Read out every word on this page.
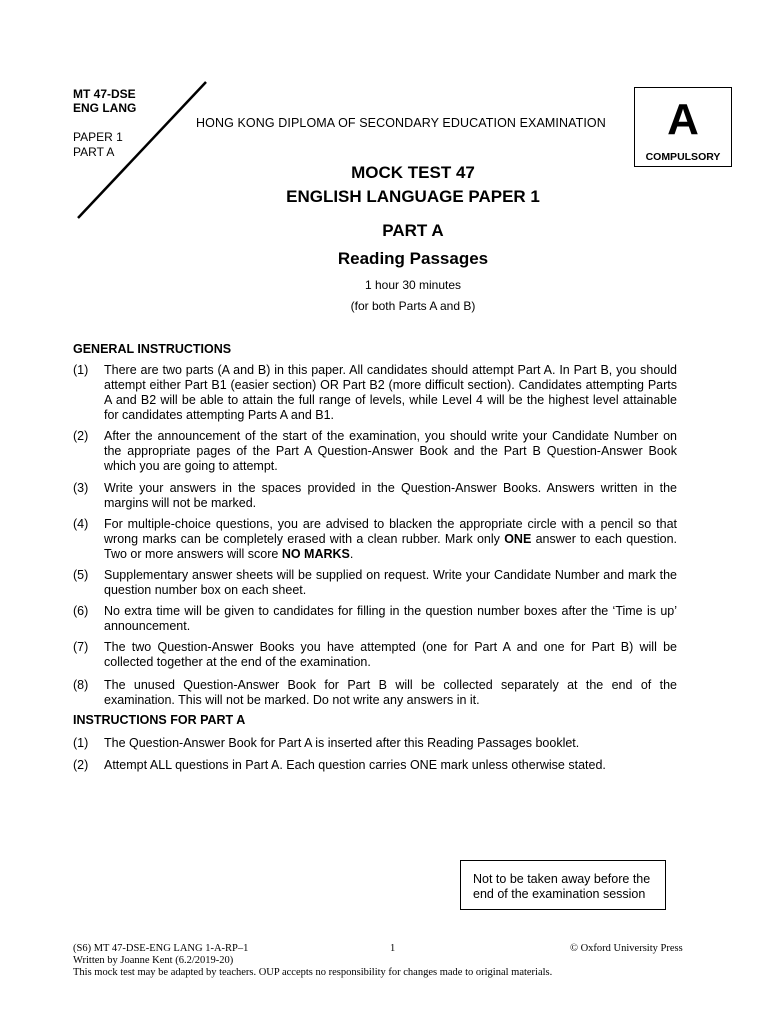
MT 47-DSE
ENG LANG
PAPER 1
PART A
HONG KONG DIPLOMA OF SECONDARY EDUCATION EXAMINATION	A
COMPULSORY
MOCK TEST 47
ENGLISH LANGUAGE PAPER 1
PART A
Reading Passages
1 hour 30 minutes
(for both Parts A and B)
GENERAL INSTRUCTIONS
(1)	There are two parts (A and B) in this paper. All candidates should attempt Part A. In Part B, you should attempt either Part B1 (easier section) OR Part B2 (more difficult section). Candidates attempting Parts A and B2 will be able to attain the full range of levels, while Level 4 will be the highest level attainable for candidates attempting Parts A and B1.
(2)	After the announcement of the start of the examination, you should write your Candidate Number on the appropriate pages of the Part A Question-Answer Book and the Part B Question-Answer Book which you are going to attempt.
(3)	Write your answers in the spaces provided in the Question-Answer Books. Answers written in the margins will not be marked.
(4)	For multiple-choice questions, you are advised to blacken the appropriate circle with a pencil so that wrong marks can be completely erased with a clean rubber. Mark only ONE answer to each question. Two or more answers will score NO MARKS.
(5)	Supplementary answer sheets will be supplied on request. Write your Candidate Number and mark the question number box on each sheet.
(6)	No extra time will be given to candidates for filling in the question number boxes after the ‘Time is up’ announcement.
(7)	The two Question-Answer Books you have attempted (one for Part A and one for Part B) will be collected together at the end of the examination.
(8)	The unused Question-Answer Book for Part B will be collected separately at the end of the examination. This will not be marked. Do not write any answers in it.
INSTRUCTIONS FOR PART A
(1)	The Question-Answer Book for Part A is inserted after this Reading Passages booklet.
(2)	Attempt ALL questions in Part A. Each question carries ONE mark unless otherwise stated.
Not to be taken away before the
end of the examination session
(S6) MT 47-DSE-ENG LANG 1-A-RP–1	1	© Oxford University Press
Written by Joanne Kent (6.2/2019-20)
This mock test may be adapted by teachers. OUP accepts no responsibility for changes made to original materials.
